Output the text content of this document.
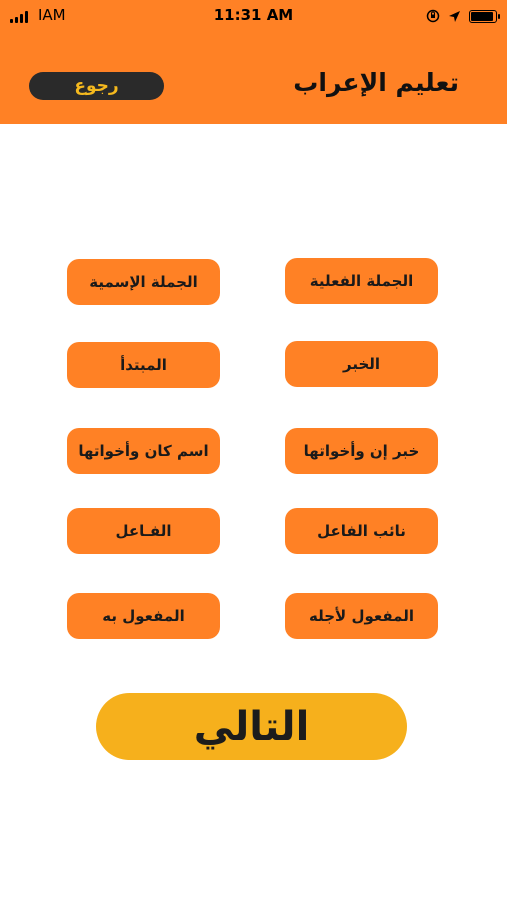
IAM	11:31 AM
رجوع	تعليم الإعراب
الجملة الإسمية	الجملة الفعلية
المبتدأ	الخبر
اسم كان وأخواتها	خبر إن وأخواتها
الفـاعل	نائب الفاعل
المفعول به	المفعول لأجله
التالي
